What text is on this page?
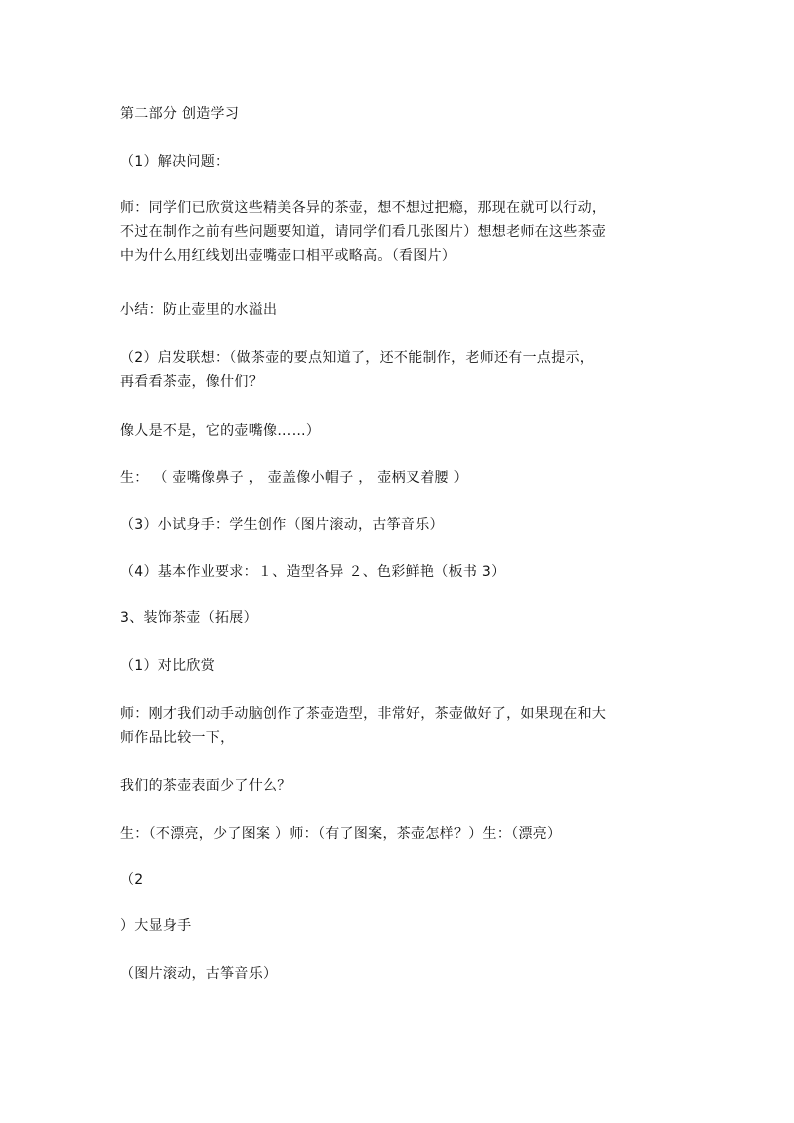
第二部分 创造学习
（1）解决问题：
师：同学们已欣赏这些精美各异的茶壶，想不想过把瘾，那现在就可以行动，
不过在制作之前有些问题要知道，请同学们看几张图片）想想老师在这些茶壶
中为什么用红线划出壶嘴壶口相平或略高。（看图片）
小结：防止壶里的水溢出
（2）启发联想：（做茶壶的要点知道了，还不能制作，老师还有一点提示，
再看看茶壶，像什们？
像人是不是，它的壶嘴像……）
生： （ 壶嘴像鼻子 ， 壶盖像小帽子 ， 壶柄叉着腰 ）
（3）小试身手：学生创作（图片滚动，古筝音乐）
（4）基本作业要求：１、造型各异 ２、色彩鲜艳（板书 3）
3、装饰茶壶（拓展）
（1）对比欣赏
师：刚才我们动手动脑创作了茶壶造型，非常好，茶壶做好了，如果现在和大
师作品比较一下，
我们的茶壶表面少了什么？
生：（不漂亮，少了图案 ）师：（有了图案，茶壶怎样？）生：（漂亮）
（2
）大显身手
（图片滚动，古筝音乐）
